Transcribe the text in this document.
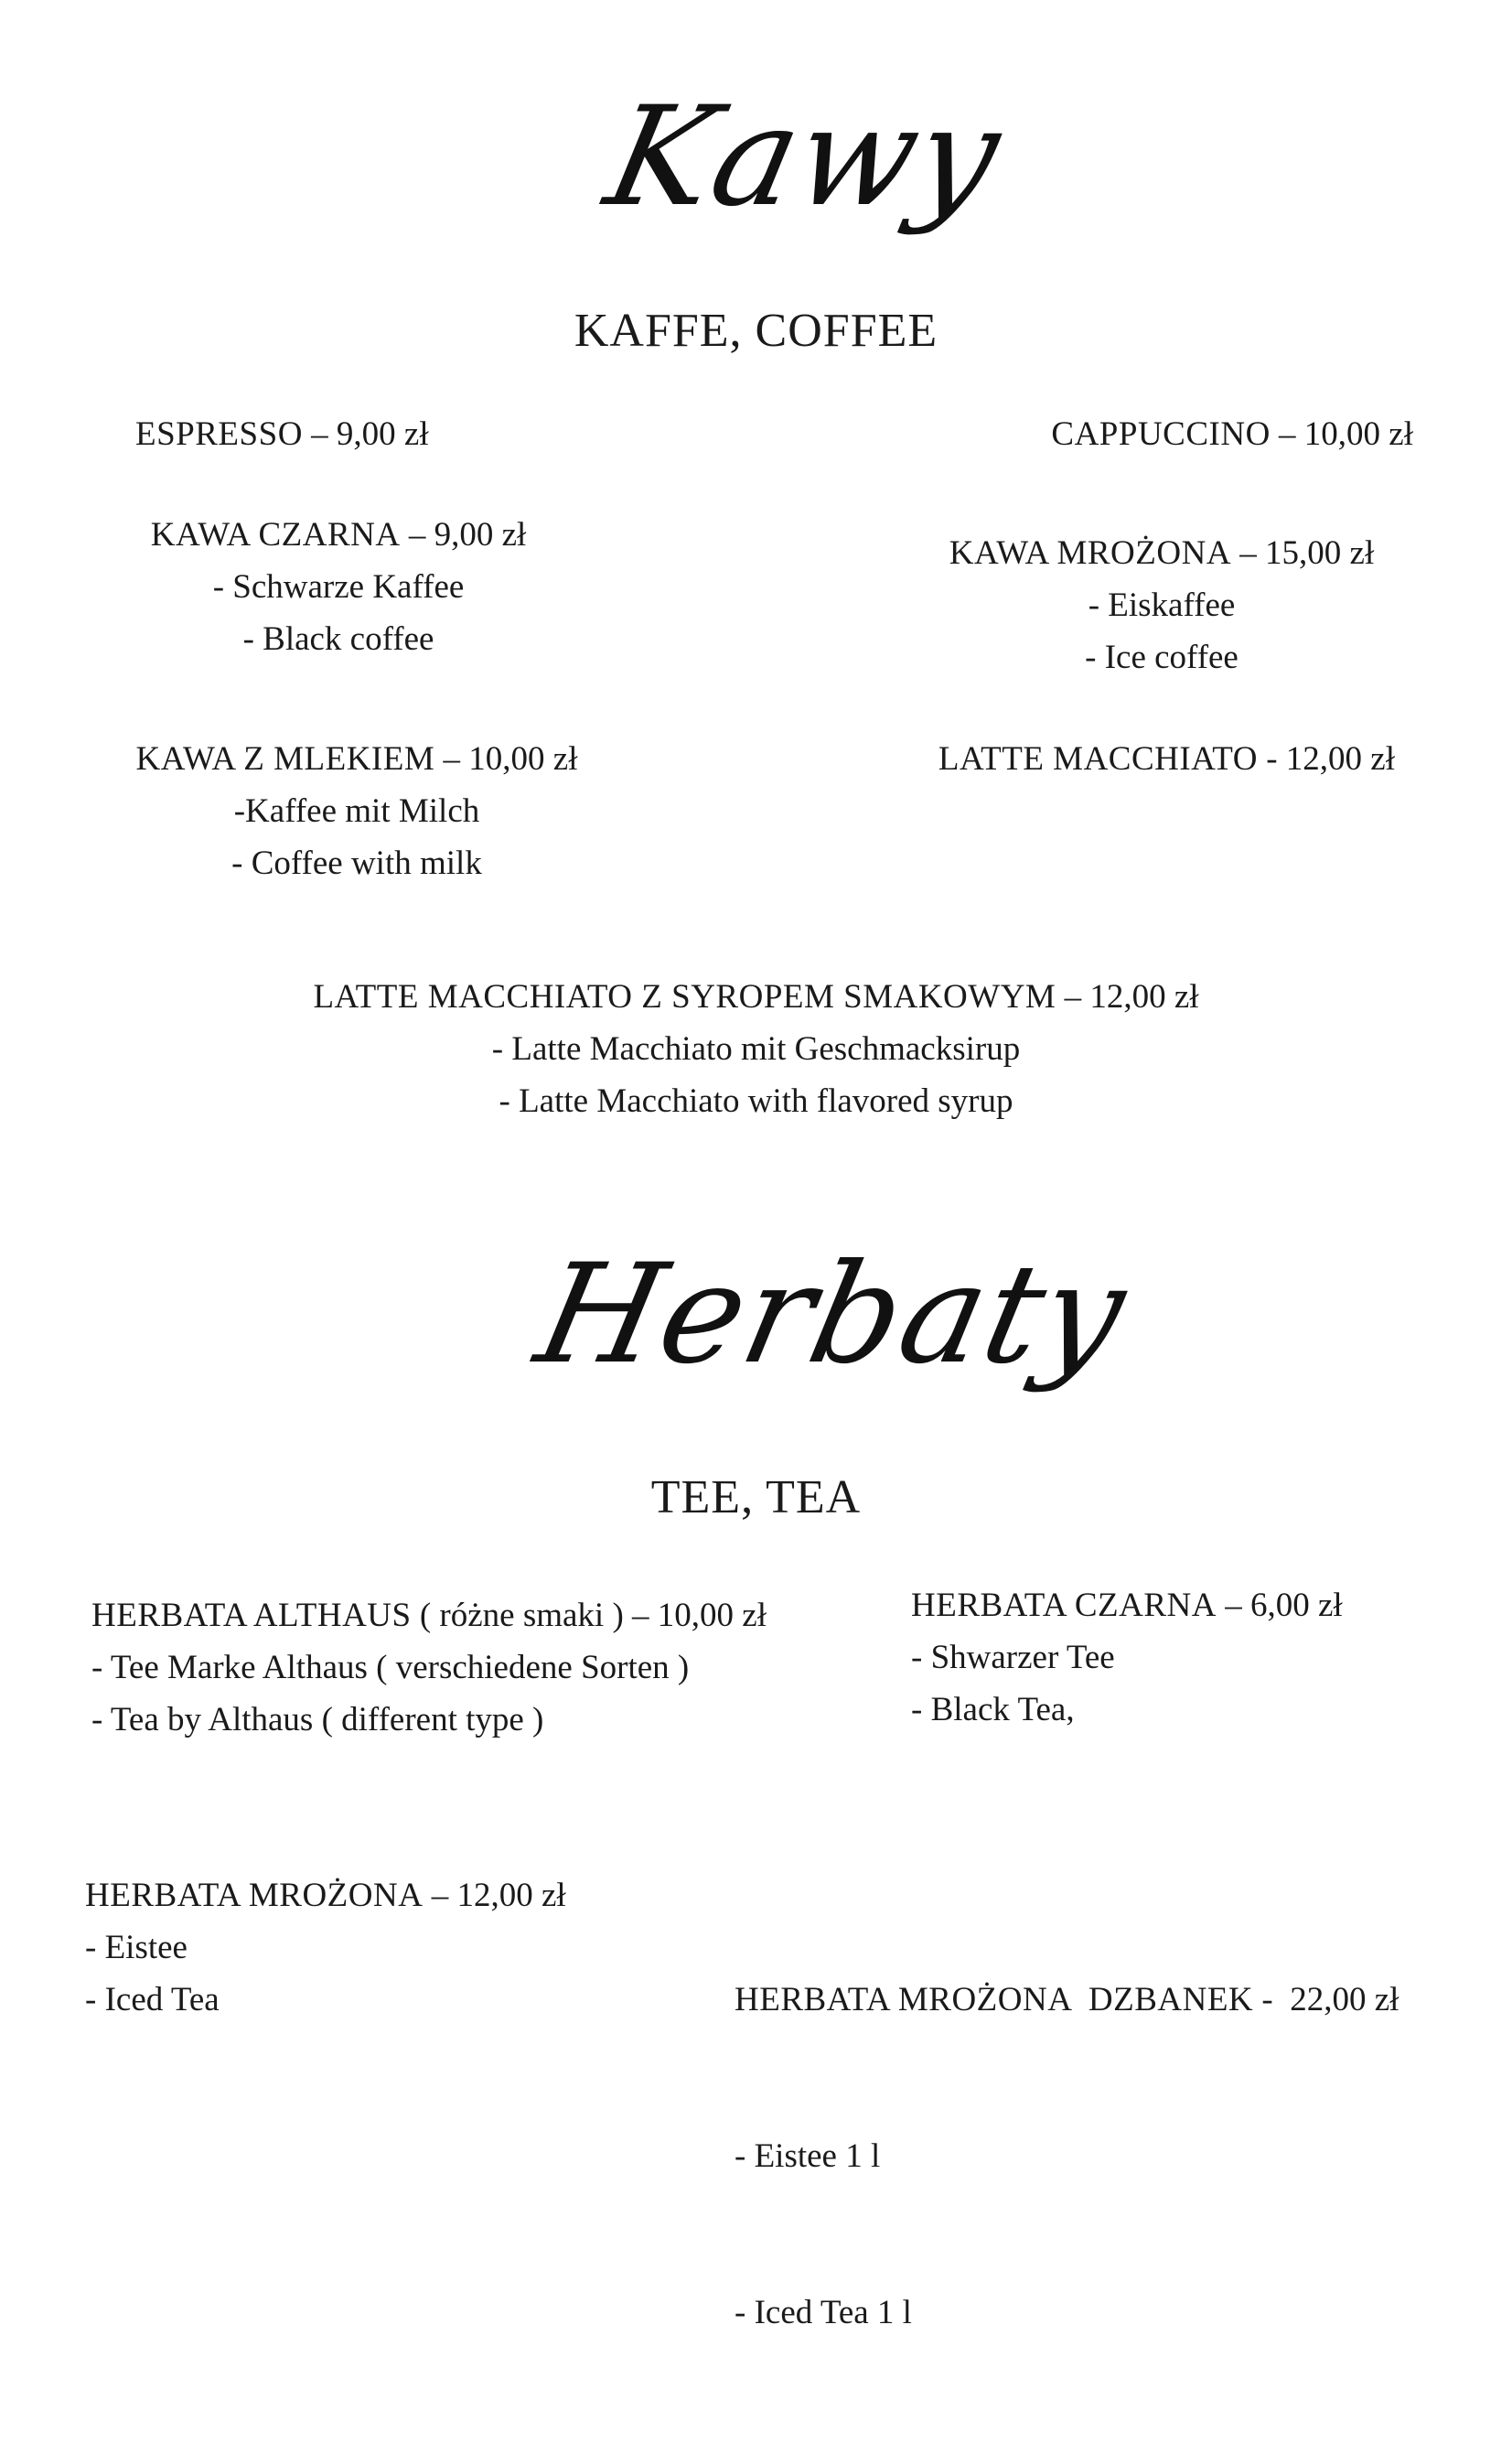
Kawy
KAFFE, COFFEE
ESPRESSO – 9,00 zł	CAPPUCCINO – 10,00 zł
KAWA CZARNA – 9,00 zł
- Schwarze Kaffee
- Black coffee
KAWA MROŻONA – 15,00 zł
- Eiskaffee
- Ice coffee
KAWA Z MLEKIEM – 10,00 zł
-Kaffee mit Milch
- Coffee with milk
LATTE MACCHIATO - 12,00 zł
LATTE MACCHIATO Z SYROPEM SMAKOWYM – 12,00 zł
- Latte Macchiato mit Geschmacksirup
- Latte Macchiato with flavored syrup
Herbaty
TEE, TEA
HERBATA ALTHAUS ( różne smaki ) – 10,00 zł
- Tee Marke Althaus ( verschiedene Sorten )
- Tea by Althaus ( different type )
HERBATA CZARNA – 6,00 zł
- Shwarzer Tee
- Black Tea,
HERBATA MROŻONA – 12,00 zł
- Eistee
- Iced Tea

	HERBATA MROŻONA  DZBANEK -  22,00 zł

- Eistee 1 l

- Iced Tea 1 l
